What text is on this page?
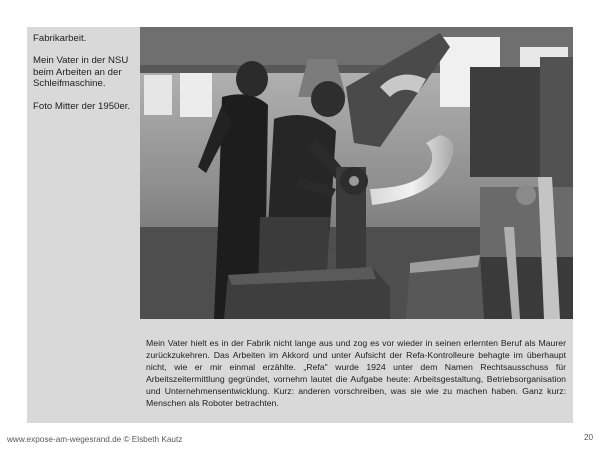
Fabrikarbeit.

Mein Vater in der NSU beim Arbeiten an der Schleifmaschine.

Foto Mitter der 1950er.

Mein Vater hielt es in der Fabrik nicht lange aus und zog es vor wieder in seinen erlernten Beruf als Maurer zurückzukehren. Das Arbeiten im Akkord und unter Aufsicht der Refa-Kontrolleure behagte im überhaupt nicht, wie er mir einmal erzählte. „Refa" wurde 1924 unter dem Namen Rechtsausschuss für Arbeitszeitermittlung gegründet, vornehm lautet die Aufgabe heute: Arbeitsgestaltung, Betriebsorganisation und Unternehmensentwicklung. Kurz: anderen vorschreiben, was sie wie zu machen haben. Ganz kurz: Menschen als Roboter betrachten.
www.expose-am-wegesrand.de © Elsbeth Kautz	20
